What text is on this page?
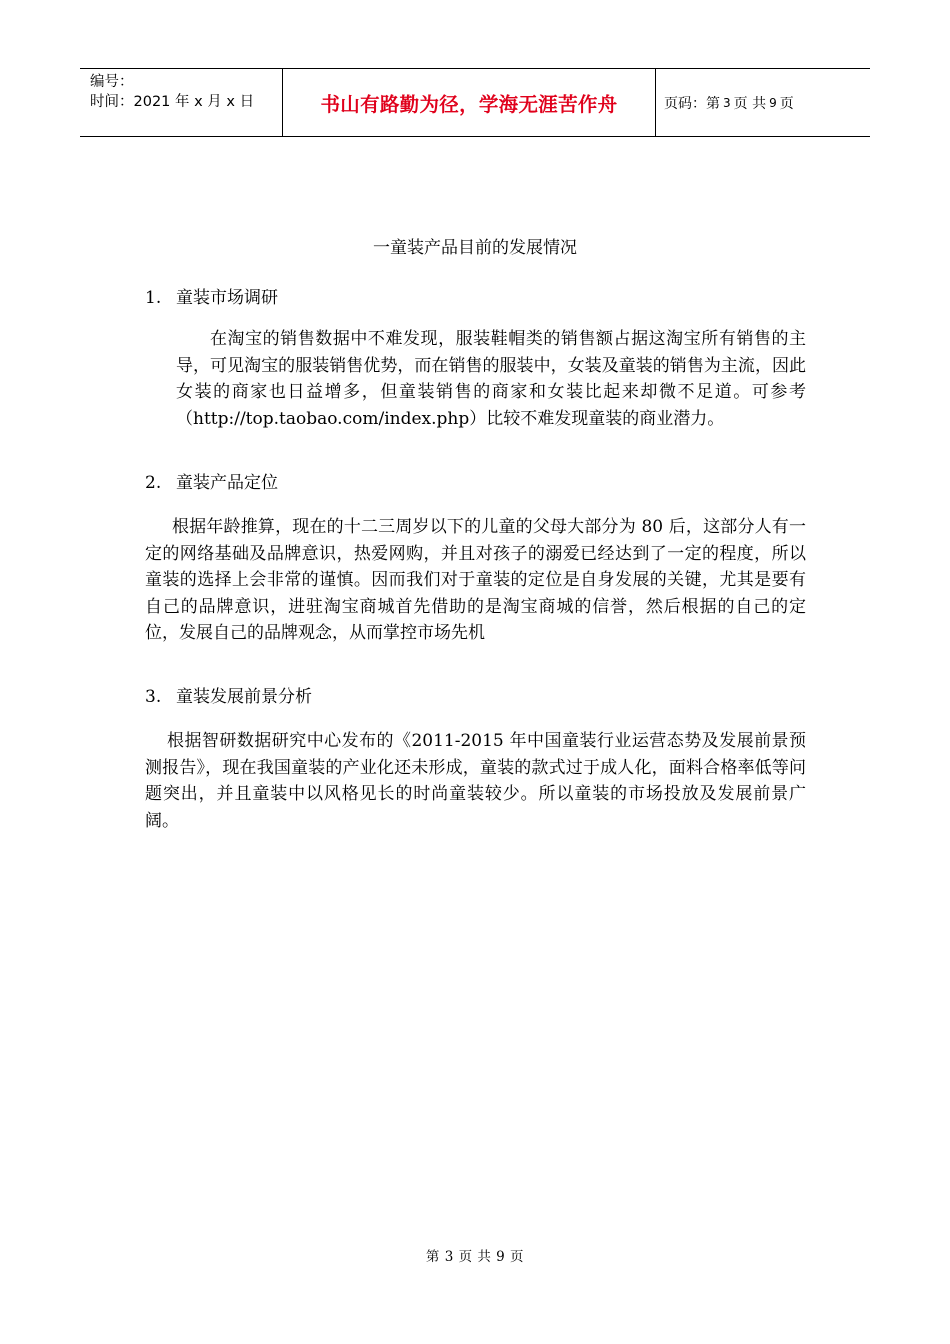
编号：
时间：2021 年 x 月 x 日	书山有路勤为径，学海无涯苦作舟	页码：第 3 页 共 9 页
一童装产品目前的发展情况
1. 童装市场调研
在淘宝的销售数据中不难发现，服装鞋帽类的销售额占据这淘宝所有销售的主导，可见淘宝的服装销售优势，而在销售的服装中，女装及童装的销售为主流，因此女装的商家也日益增多，但童装销售的商家和女装比起来却微不足道。可参考（http://top.taobao.com/index.php）比较不难发现童装的商业潜力。
2. 童装产品定位
根据年龄推算，现在的十二三周岁以下的儿童的父母大部分为 80 后，这部分人有一定的网络基础及品牌意识，热爱网购，并且对孩子的溺爱已经达到了一定的程度，所以童装的选择上会非常的谨慎。因而我们对于童装的定位是自身发展的关键，尤其是要有自己的品牌意识，进驻淘宝商城首先借助的是淘宝商城的信誉，然后根据的自己的定位，发展自己的品牌观念，从而掌控市场先机
3. 童装发展前景分析
根据智研数据研究中心发布的《2011-2015 年中国童装行业运营态势及发展前景预测报告》，现在我国童装的产业化还未形成，童装的款式过于成人化，面料合格率低等问题突出，并且童装中以风格见长的时尚童装较少。所以童装的市场投放及发展前景广阔。
第 3 页 共 9 页
